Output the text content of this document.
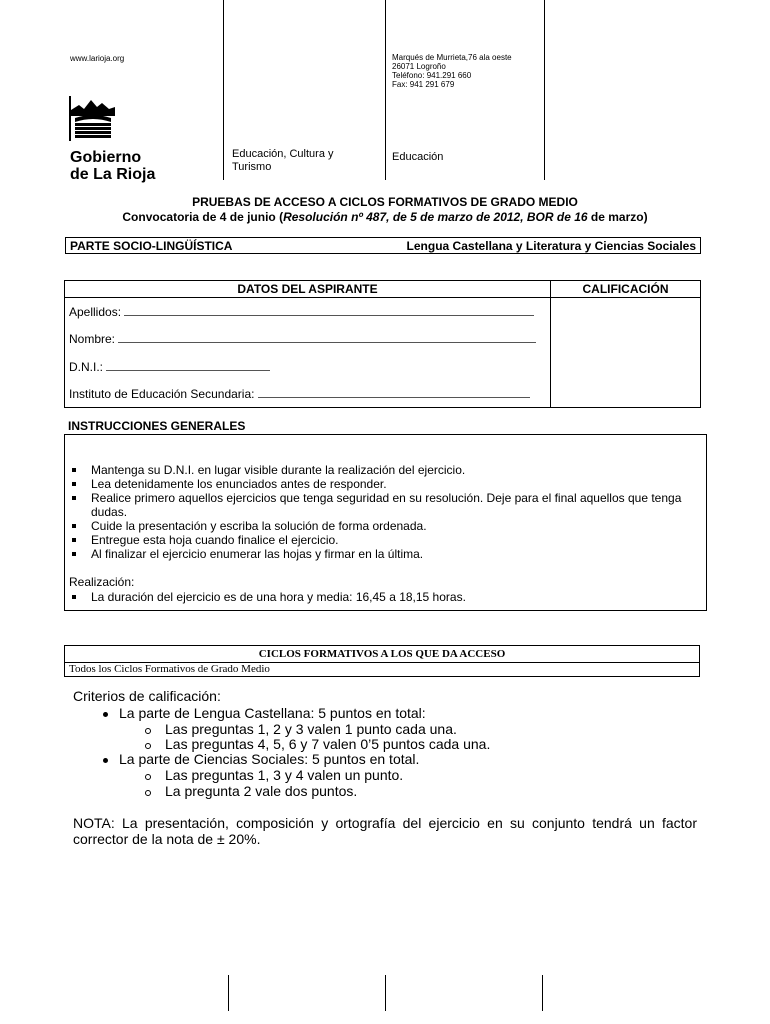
www.larioja.org	Marqués de Murrieta,76 ala oeste
26071 Logroño
Teléfono: 941.291 660
Fax: 941 291 679
Gobierno
de La Rioja
Educación, Cultura y Turismo
Educación
PRUEBAS DE ACCESO A CICLOS FORMATIVOS DE GRADO MEDIO
Convocatoria de 4 de junio (Resolución nº 487, de 5 de marzo de 2012, BOR de 16 de marzo)
PARTE SOCIO-LINGÜÍSTICA	Lengua Castellana y Literatura y Ciencias Sociales
DATOS DEL ASPIRANTE
Apellidos:
Nombre:
D.N.I.:
Instituto de Educación Secundaria:
CALIFICACIÓN
INSTRUCCIONES GENERALES
Mantenga su D.N.I. en lugar visible durante la realización del ejercicio.
Lea detenidamente los enunciados antes de responder.
Realice primero aquellos ejercicios que tenga seguridad en su resolución. Deje para el final aquellos que tenga dudas.
Cuide la presentación y escriba la solución de forma ordenada.
Entregue esta hoja cuando finalice el ejercicio.
Al finalizar el ejercicio enumerar las hojas y firmar en la última.
Realización:
La duración del ejercicio es de una hora y media: 16,45 a 18,15 horas.
CICLOS FORMATIVOS A LOS QUE DA ACCESO
Todos los Ciclos Formativos de Grado Medio
Criterios de calificación:
La parte de Lengua Castellana: 5 puntos en total:
Las preguntas 1, 2 y 3 valen 1 punto cada una.
Las preguntas 4, 5, 6 y 7 valen 0’5 puntos cada una.
La parte de Ciencias Sociales: 5 puntos en total.
Las preguntas 1, 3 y 4 valen un punto.
La pregunta 2 vale dos puntos.
NOTA: La presentación, composición y ortografía del ejercicio en su conjunto tendrá un factor corrector de la nota de ± 20%.
